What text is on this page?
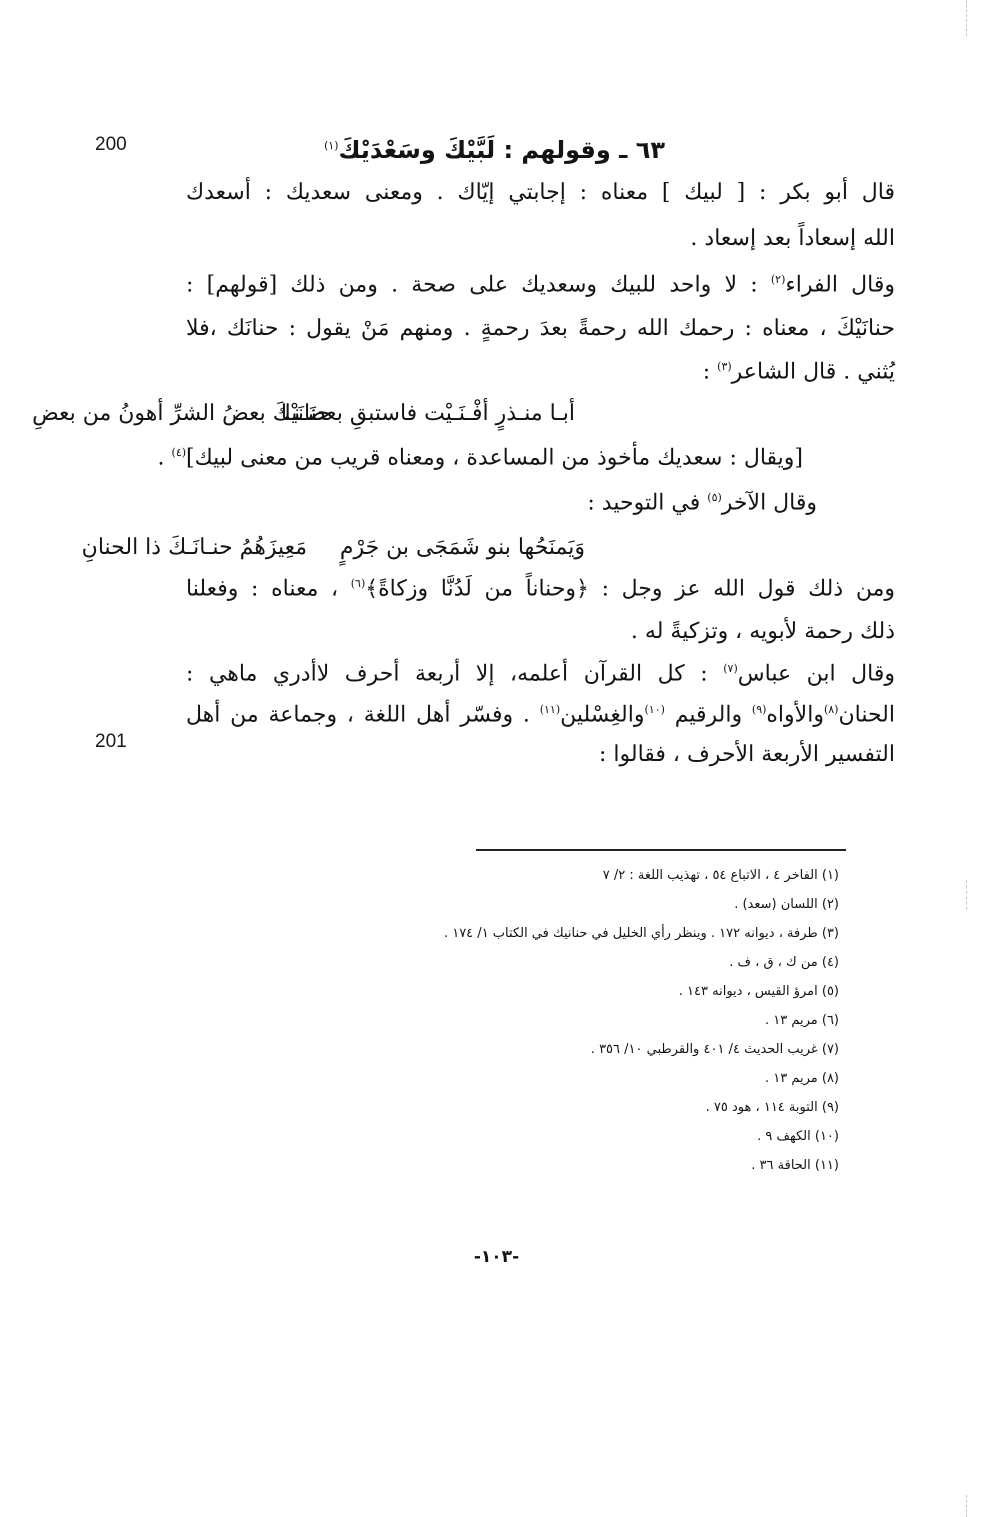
200
201
٦٣ ـ وقولهم : لَبَّيْكَ وسَعْدَيْكَ$^{(١)}$
قال أبو بكر : [ لبيك ] معناه : إجابتي إيّاك . ومعنى سعديك : أسعدك
الله إسعاداً بعد إسعاد .
وقال الفراء$^{(٢)}$ : لا واحد للبيك وسعديك على صحة . ومن ذلك [قولهم] :
حنانَيْكَ ، معناه : رحمك الله رحمةً بعدَ رحمةٍ . ومنهم مَنْ يقول : حنانَك ،فلا
يُثني . قال الشاعر$^{(٣)}$ :
أبـا منـذرٍ أفْـنَـيْت فاستبقِ بعضَـنـا
حنانَيْكَ بعضُ الشرِّ أهونُ من بعضِ
[ويقال : سعديك مأخوذ من المساعدة ، ومعناه قريب من معنى لبيك]$^{(٤)}$ .
وقال الآخر$^{(٥)}$ في التوحيد :
وَيَمنَحُها بنو شَمَجَى بن جَرْمٍ
مَعِيزَهُمُ حنـانَـكَ ذا الحنانِ
ومن ذلك قول الله عز وجل : ﴿وحناناً من لَدُنَّا وزكاةً﴾$^{(٦)}$ ، معناه : وفعلنا
ذلك رحمة لأبويه ، وتزكيةً له .
وقال ابن عباس$^{(٧)}$ : كل القرآن أعلمه، إلا أربعة أحرف لاأدري ماهي :
الحنان$^{(٨)}$والأواه$^{(٩)}$ والرقيم $^{(١٠)}$والغِسْلين$^{(١١)}$ . وفسّر أهل اللغة ، وجماعة من أهل
التفسير الأربعة الأحرف ، فقالوا :
(١) الفاخر ٤ ، الاتباع ٥٤ ، تهذيب اللغة : ٢/ ٧
(٢) اللسان (سعد) .
(٣) طرفة ، ديوانه ١٧٢ . وينظر رأي الخليل في حنانيك في الكتاب ١/ ١٧٤ .
(٤) من ك ، ق ، ف .
(٥) امرؤ القيس ، ديوانه ١٤٣ .
(٦) مريم ١٣ .
(٧) غريب الحديث ٤/ ٤٠١ والقرطبي ١٠/ ٣٥٦ .
(٨) مريم ١٣ .
(٩) التوبة ١١٤ ، هود ٧٥ .
(١٠) الكهف ٩ .
(١١) الحاقة ٣٦ .
-١٠٣-
